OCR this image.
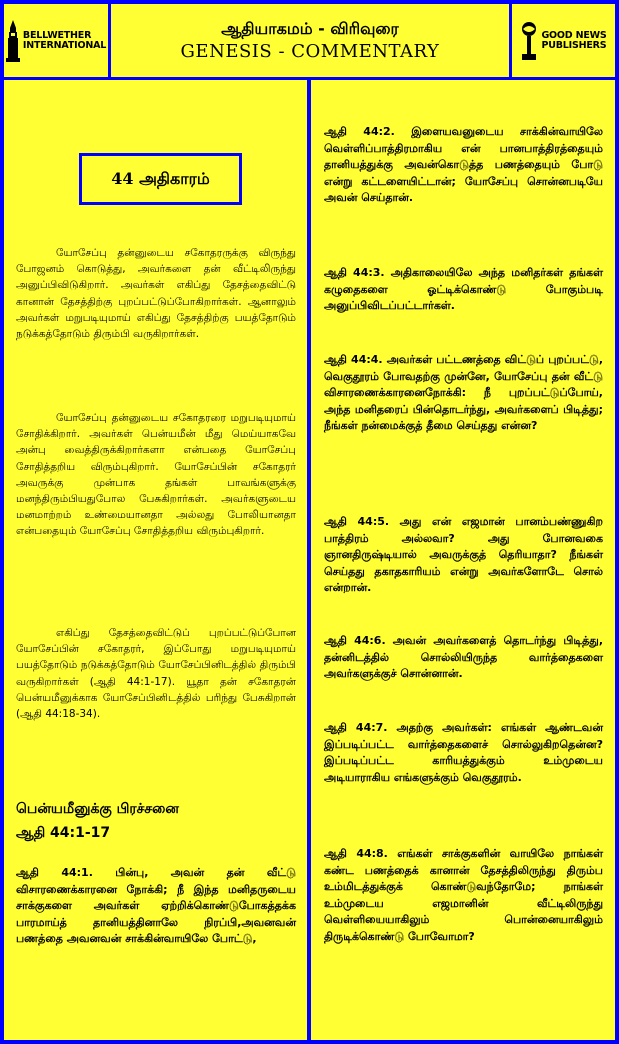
BELLWETHER
INTERNATIONAL
ஆதியாகமம் - விரிவுரை
GENESIS - COMMENTARY
GOOD NEWS
PUBLISHERS
44 அதிகாரம்

யோசேப்பு தன்னுடைய சகோதரருக்கு விருந்து போஜனம் கொடுத்து, அவர்களை தன் வீட்டிலிருந்து அனுப்பிவிடுகிறார். அவர்கள் எகிப்து தேசத்தைவிட்டு கானான் தேசத்திற்கு புறப்பட்டுப்போகிறார்கள். ஆனாலும் அவர்கள் மறுபடியுமாய் எகிப்து தேசத்திற்கு பயத்தோடும் நடுக்கத்தோடும் திரும்பி வருகிறார்கள்.

யோசேப்பு தன்னுடைய சகோதரரை மறுபடியுமாய் சோதிக்கிறார். அவர்கள் பென்யமீன் மீது மெய்யாகவே அன்பு வைத்திருக்கிறார்களா என்பதை யோசேப்பு சோதித்தறிய விரும்புகிறார். யோசேப்பின் சகோதரர் அவருக்கு முன்பாக தங்கள் பாவங்களுக்கு மனந்திரும்பியதுபோல பேசுகிறார்கள். அவர்களுடைய மனமாற்றம் உண்மையானதா அல்லது போலியானதா என்பதையும் யோசேப்பு சோதித்தறிய விரும்புகிறார்.

எகிப்து தேசத்தைவிட்டுப் புறப்பட்டுப்போன யோசேப்பின் சகோதரர், இப்போது மறுபடியுமாய் பயத்தோடும் நடுக்கத்தோடும் யோசேப்பினிடத்தில் திரும்பி வருகிறார்கள் (ஆதி 44:1-17). யூதா தன் சகோதரன் பென்யமீனுக்காக யோசேப்பினிடத்தில் பரிந்து பேசுகிறான் (ஆதி 44:18-34).

பென்யமீனுக்கு பிரச்சனை
ஆதி 44:1-17

ஆதி 44:1. பின்பு, அவன் தன் வீட்டு விசாரணைக்காரனை நோக்கி; நீ இந்த மனிதருடைய சாக்குகளை அவர்கள் ஏற்றிக்கொண்டுபோகத்தக்க பாரமாய்த் தானியத்தினாலே நிரப்பி,அவனவன் பணத்தை அவனவன் சாக்கின்வாயிலே போட்டு,

ஆதி 44:2. இளையவனுடைய சாக்கின்வாயிலே வெள்ளிப்பாத்திரமாகிய என் பானபாத்திரத்தையும் தானியத்துக்கு அவன்கொடுத்த பணத்தையும் போடு என்று கட்டளையிட்டான்; யோசேப்பு சொன்னபடியே அவன் செய்தான்.

ஆதி 44:3. அதிகாலையிலே அந்த மனிதர்கள் தங்கள் கழுதைகளை ஓட்டிக்கொண்டு போகும்படி அனுப்பிவிடப்பட்டார்கள்.

ஆதி 44:4. அவர்கள் பட்டணத்தை விட்டுப் புறப்பட்டு, வெகுதூரம் போவதற்கு முன்னே, யோசேப்பு தன் வீட்டு விசாரணைக்காரனைநோக்கி: நீ புறப்பட்டுப்போய், அந்த மனிதரைப் பின்தொடர்ந்து, அவர்களைப் பிடித்து; நீங்கள் நன்மைக்குத் தீமை செய்தது என்ன?

ஆதி 44:5. அது என் எஜமான் பானம்பண்ணுகிற பாத்திரம் அல்லவா? அது போனவகை ஞானதிருஷ்டியால் அவருக்குத் தெரியாதா? நீங்கள் செய்தது தகாதகாரியம் என்று அவர்களோடே சொல் என்றான்.

ஆதி 44:6. அவன் அவர்களைத் தொடர்ந்து பிடித்து, தன்னிடத்தில் சொல்லியிருந்த வார்த்தைகளை அவர்களுக்குச் சொன்னான்.

ஆதி 44:7. அதற்கு அவர்கள்: எங்கள் ஆண்டவன் இப்படிப்பட்ட வார்த்தைகளைச் சொல்லுகிறதென்ன? இப்படிப்பட்ட காரியத்துக்கும் உம்முடைய அடியாராகிய எங்களுக்கும் வெகுதூரம்.

ஆதி 44:8. எங்கள் சாக்குகளின் வாயிலே நாங்கள் கண்ட பணத்தைக் கானான் தேசத்திலிருந்து திரும்ப உம்மிடத்துக்குக் கொண்டுவந்தோமே; நாங்கள் உம்முடைய எஜமானின் வீட்டிலிருந்து வெள்ளியையாகிலும் பொன்னையாகிலும் திருடிக்கொண்டு போவோமா?
